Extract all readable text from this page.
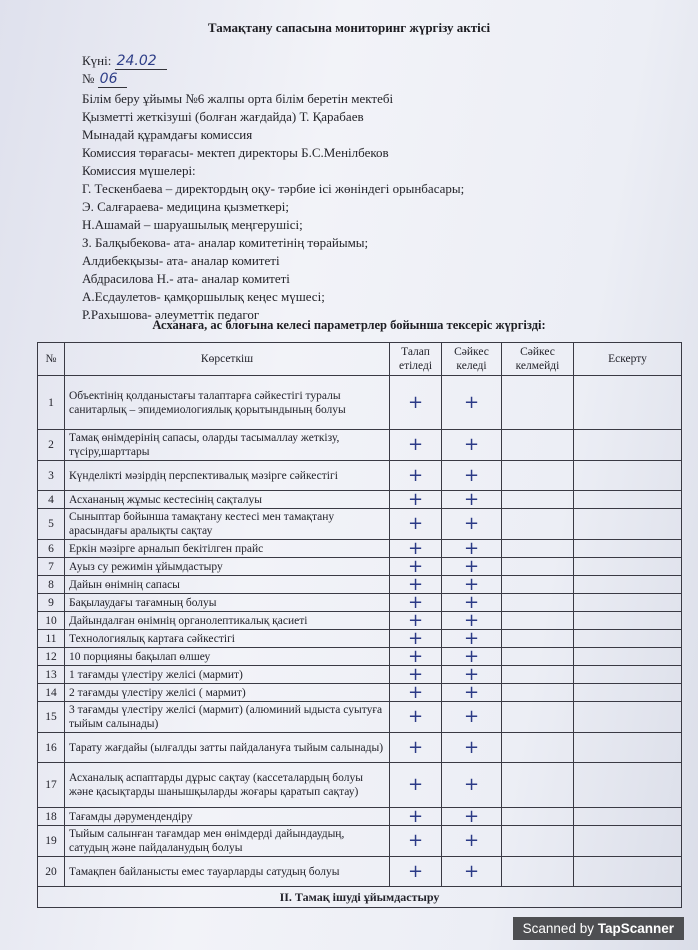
Тамақтану сапасына мониторинг жүргізу актісі
Күні: 24.02
№ 06
Білім беру ұйымы №6 жалпы орта білім беретін мектебі
Қызметті жеткізуші (болған жағдайда) Т. Қарабаев
Мынадай құрамдағы комиссия
Комиссия төрағасы- мектеп директоры Б.С.Мeнілбеков
Комиссия мүшелері:
Г. Тескенбаева – директордың оқу- тәрбие ісі жөніндегі орынбасары;
Э. Салғараева- медицина қызметкері;
Н.Ашамай – шаруашылық меңгерушісі;
З. Балқыбекова- ата- аналар комитетінің төрайымы;
Алдибекқызы- ата- аналар комитеті
Абдрасилова Н.- ата- аналар комитеті
А.Есдаулетов- қамқоршылық кеңес мүшесі;
Р.Рахышова- әлеуметтік педагог
Асханаға, ас блоғына келесі параметрлер бойынша тексеріс жүргізді:
№	Көрсеткіш	Талап етіледі	Сәйкес келеді	Сәйкес келмейді	Ескерту
1	Объектінің қолданыстағы талаптарға сәйкестігі туралы санитарлық – эпидемиологиялық қорытындының болуы	+	+		
2	Тамақ өнімдерінің сапасы, оларды тасымаллау жеткізу, түсіру,шарттары	+	+		
3	Күнделікті мәзірдің перспективалық мәзірге сәйкестігі	+	+		
4	Асхананың жұмыс кестесінің сақталуы	+	+		
5	Сыныптар бойынша тамақтану кестесі мен тамақтану арасындағы аралықты сақтау	+	+		
6	Еркін мәзірге арналып бекітілген прайс	+	+		
7	Ауыз су режимін ұйымдастыру	+	+		
8	Дайын өнімнің сапасы	+	+		
9	Бақылаудағы тағамның болуы	+	+		
10	Дайындалған өнімнің органолептикалық қасиеті	+	+		
11	Технологиялық картаға сәйкестігі	+	+		
12	10 порцияны бақылап өлшеу	+	+		
13	1 тағамды үлестіру желісі (мармит)	+	+		
14	2 тағамды үлестіру желісі ( мармит)	+	+		
15	3 тағамды үлестіру желісі (мармит) (алюминий ыдыста суытуға тыйым салынады)	+	+		
16	Тарату жағдайы (ылғалды затты пайдалануға тыйым салынады)	+	+		
17	Асханалық аспаптарды дұрыс сақтау (кассеталардың болуы және қасықтарды шанышқыларды жоғары қаратып сақтау)	+	+		
18	Тағамды дәрумендендіру	+	+		
19	Тыйым салынған тағамдар мен өнімдерді дайындаудың, сатудың және пайдаланудың болуы	+	+		
20	Тамақпен байланысты емес тауарларды сатудың болуы	+	+		
II. Тамақ ішуді ұйымдастыру					
Scanned by TapScanner
